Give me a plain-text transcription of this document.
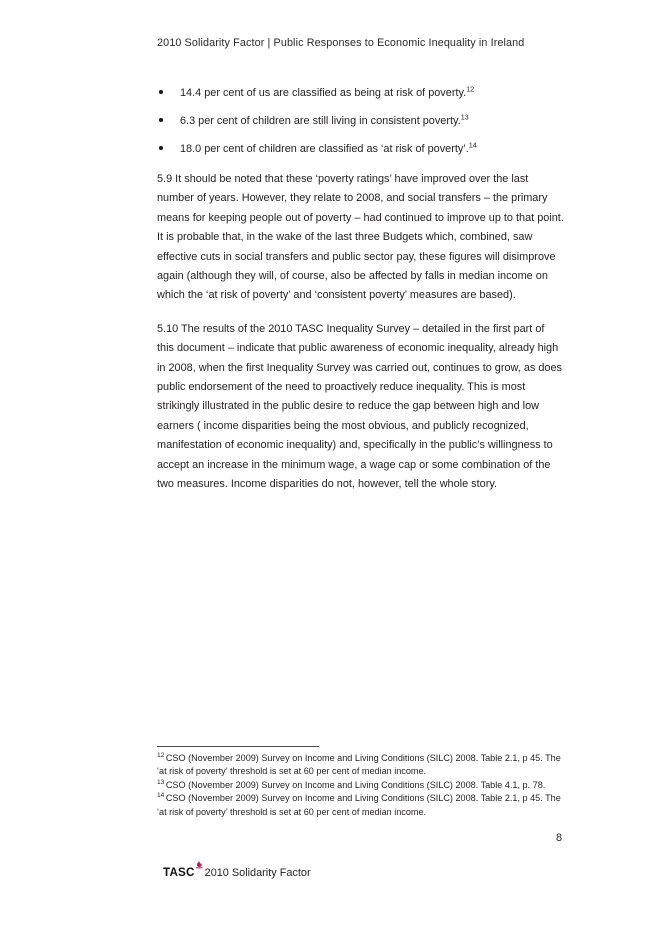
2010 Solidarity Factor | Public Responses to Economic Inequality in Ireland
14.4 per cent of us are classified as being at risk of poverty.$^{12}$
6.3 per cent of children are still living in consistent poverty.$^{13}$
18.0 per cent of children are classified as ‘at risk of poverty’.$^{14}$

5.9 It should be noted that these ‘poverty ratings’ have improved over the last number of years. However, they relate to 2008, and social transfers – the primary means for keeping people out of poverty – had continued to improve up to that point. It is probable that, in the wake of the last three Budgets which, combined, saw effective cuts in social transfers and public sector pay, these figures will disimprove again (although they will, of course, also be affected by falls in median income on which the ‘at risk of poverty’ and ‘consistent poverty’ measures are based).

5.10 The results of the 2010 TASC Inequality Survey – detailed in the first part of this document – indicate that public awareness of economic inequality, already high in 2008, when the first Inequality Survey was carried out, continues to grow, as does public endorsement of the need to proactively reduce inequality. This is most strikingly illustrated in the public desire to reduce the gap between high and low earners ( income disparities being the most obvious, and publicly recognized, manifestation of economic inequality) and, specifically in the public’s willingness to accept an increase in the minimum wage, a wage cap or some combination of the two measures. Income disparities do not, however, tell the whole story.

$^{12}$ CSO (November 2009) Survey on Income and Living Conditions (SILC) 2008. Table 2.1, p 45. The ‘at risk of poverty’ threshold is set at 60 per cent of median income.

$^{13}$ CSO (November 2009) Survey on Income and Living Conditions (SILC) 2008. Table 4.1, p. 78.

$^{14}$ CSO (November 2009) Survey on Income and Living Conditions (SILC) 2008. Table 2.1, p 45. The ‘at risk of poverty’ threshold is set at 60 per cent of median income.

8
TASC 2010 Solidarity Factor
